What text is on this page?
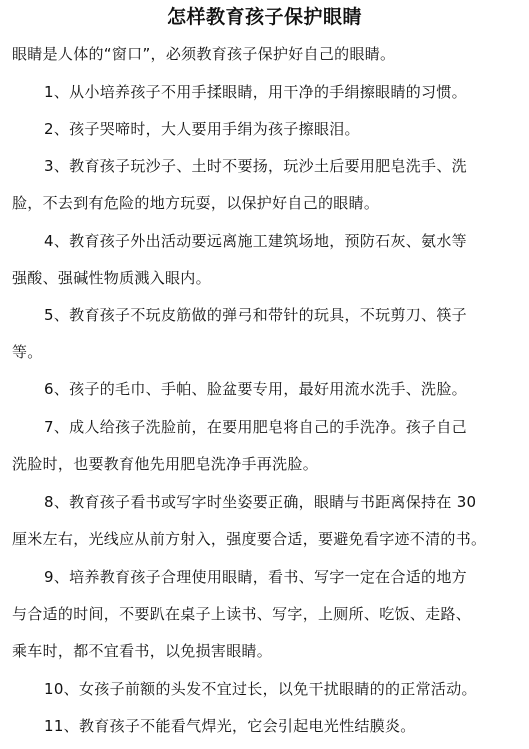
怎样教育孩子保护眼睛
眼睛是人体的“窗口”，必须教育孩子保护好自己的眼睛。
1、从小培养孩子不用手揉眼睛，用干净的手绢擦眼睛的习惯。
2、孩子哭啼时，大人要用手绢为孩子擦眼泪。
3、教育孩子玩沙子、土时不要扬，玩沙土后要用肥皂洗手、洗
脸，不去到有危险的地方玩耍，以保护好自己的眼睛。
4、教育孩子外出活动要远离施工建筑场地，预防石灰、氨水等
强酸、强碱性物质溅入眼内。
5、教育孩子不玩皮筋做的弹弓和带针的玩具，不玩剪刀、筷子
等。
6、孩子的毛巾、手帕、脸盆要专用，最好用流水洗手、洗脸。
7、成人给孩子洗脸前，在要用肥皂将自己的手洗净。孩子自己
洗脸时，也要教育他先用肥皂洗净手再洗脸。
8、教育孩子看书或写字时坐姿要正确，眼睛与书距离保持在 30
厘米左右，光线应从前方射入，强度要合适，要避免看字迹不清的书。
9、培养教育孩子合理使用眼睛，看书、写字一定在合适的地方
与合适的时间，不要趴在桌子上读书、写字，上厕所、吃饭、走路、
乘车时，都不宜看书，以免损害眼睛。
10、女孩子前额的头发不宜过长，以免干扰眼睛的的正常活动。
11、教育孩子不能看气焊光，它会引起电光性结膜炎。
